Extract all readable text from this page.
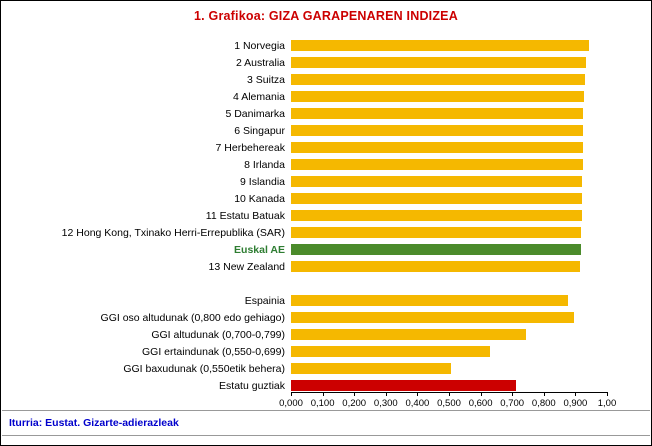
1. Grafikoa: GIZA GARAPENAREN INDIZEA
1 Norvegia
2 Australia
3 Suitza
4 Alemania
5 Danimarka
6 Singapur
7 Herbehereak
8 Irlanda
9 Islandia
10 Kanada
11 Estatu Batuak
12 Hong Kong, Txinako Herri-Errepublika (SAR)
Euskal AE
13 New Zealand
Espainia
GGI oso altudunak (0,800 edo gehiago)
GGI altudunak (0,700-0,799)
GGI ertaindunak (0,550-0,699)
GGI baxudunak (0,550etik behera)
Estatu guztiak
0,000 0,100 0,200 0,300 0,400 0,500 0,600 0,700 0,800 0,900 1,00
Iturria: Eustat. Gizarte-adierazleak
